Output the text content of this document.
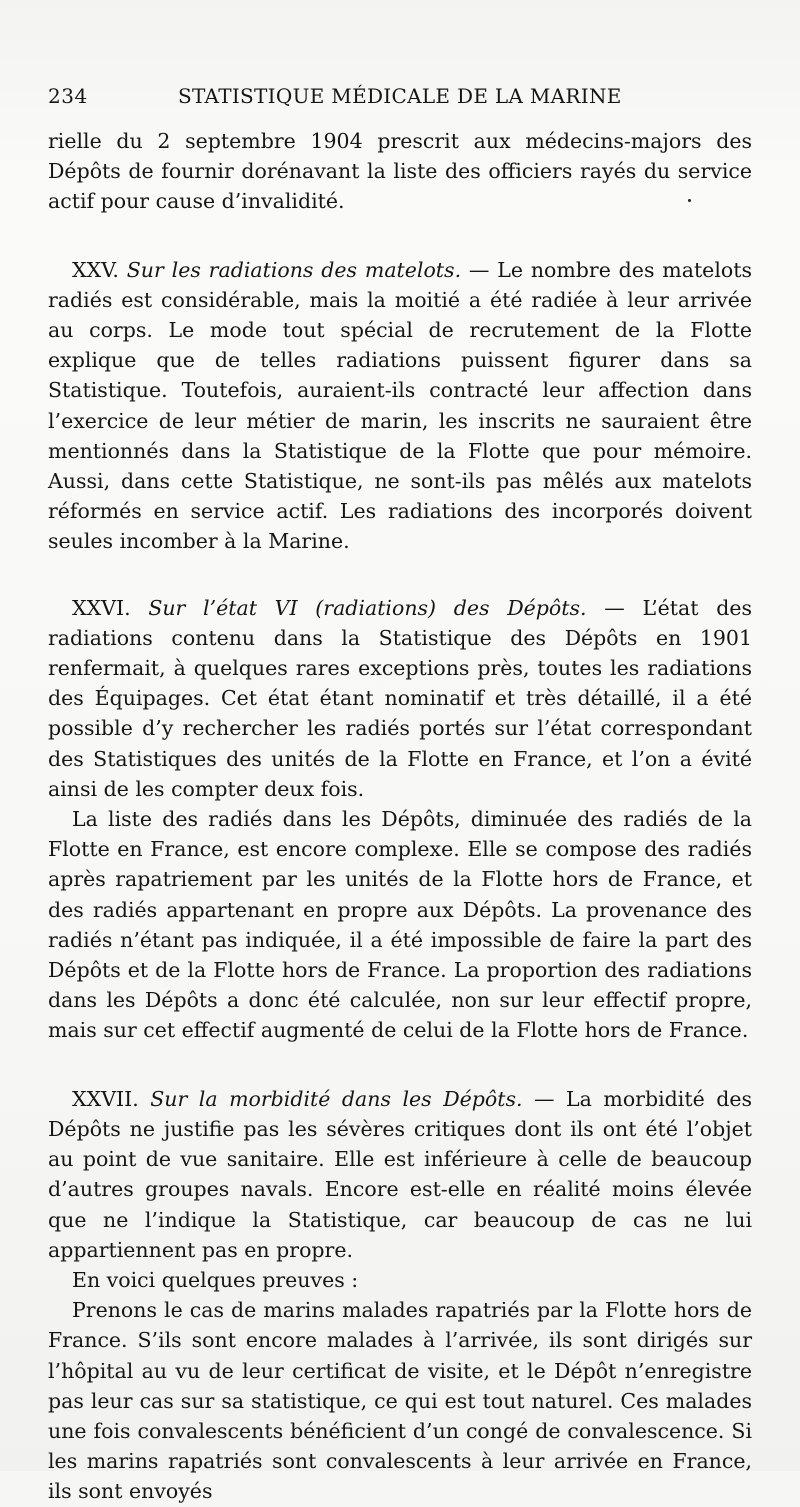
234	STATISTIQUE MÉDICALE DE LA MARINE

rielle du 2 septembre 1904 prescrit aux médecins-majors des Dépôts de fournir dorénavant la liste des officiers rayés du service actif pour cause d’invalidité.

XXV. Sur les radiations des matelots. — Le nombre des matelots radiés est considérable, mais la moitié a été radiée à leur arrivée au corps. Le mode tout spécial de recrutement de la Flotte explique que de telles radiations puissent figurer dans sa Statistique. Toutefois, auraient-ils contracté leur affection dans l’exercice de leur métier de marin, les inscrits ne sauraient être mentionnés dans la Statistique de la Flotte que pour mémoire. Aussi, dans cette Statistique, ne sont-ils pas mêlés aux matelots réformés en service actif. Les radiations des incorporés doivent seules incomber à la Marine.

XXVI. Sur l’état VI (radiations) des Dépôts. — L’état des radiations contenu dans la Statistique des Dépôts en 1901 renfermait, à quelques rares exceptions près, toutes les radiations des Équipages. Cet état étant nominatif et très détaillé, il a été possible d’y rechercher les radiés portés sur l’état correspondant des Statistiques des unités de la Flotte en France, et l’on a évité ainsi de les compter deux fois.

La liste des radiés dans les Dépôts, diminuée des radiés de la Flotte en France, est encore complexe. Elle se compose des radiés après rapatriement par les unités de la Flotte hors de France, et des radiés appartenant en propre aux Dépôts. La provenance des radiés n’étant pas indiquée, il a été impossible de faire la part des Dépôts et de la Flotte hors de France. La proportion des radiations dans les Dépôts a donc été calculée, non sur leur effectif propre, mais sur cet effectif augmenté de celui de la Flotte hors de France.

XXVII. Sur la morbidité dans les Dépôts. — La morbidité des Dépôts ne justifie pas les sévères critiques dont ils ont été l’objet au point de vue sanitaire. Elle est inférieure à celle de beaucoup d’autres groupes navals. Encore est-elle en réalité moins élevée que ne l’indique la Statistique, car beaucoup de cas ne lui appartiennent pas en propre.

En voici quelques preuves :

Prenons le cas de marins malades rapatriés par la Flotte hors de France. S’ils sont encore malades à l’arrivée, ils sont dirigés sur l’hôpital au vu de leur certificat de visite, et le Dépôt n’enregistre pas leur cas sur sa statistique, ce qui est tout naturel. Ces malades une fois convalescents bénéficient d’un congé de convalescence. Si les marins rapatriés sont convalescents à leur arrivée en France, ils sont envoyés
